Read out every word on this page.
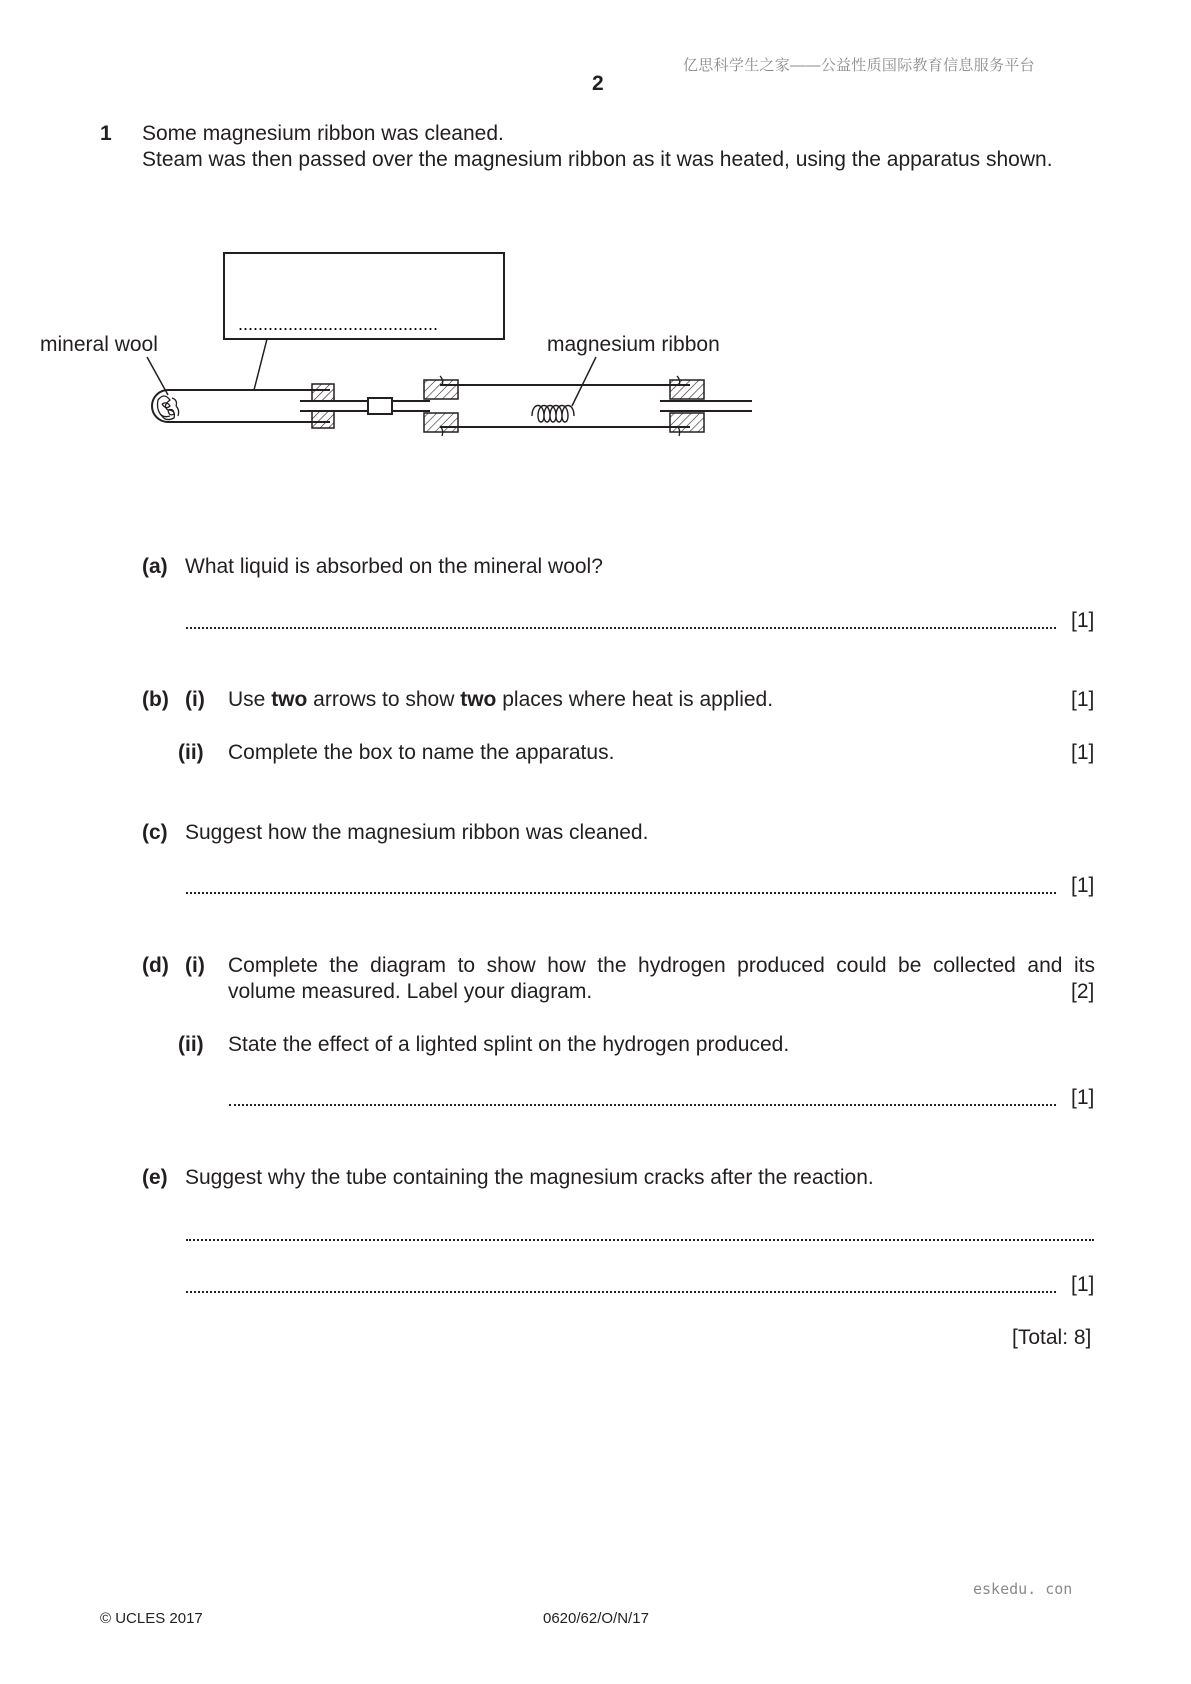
亿思科学生之家——公益性质国际教育信息服务平台
2
1 Some magnesium ribbon was cleaned.
Steam was then passed over the magnesium ribbon as it was heated, using the apparatus shown.
........................................
mineral wool	magnesium ribbon
(a) What liquid is absorbed on the mineral wool?
[1]
(b) (i) Use two arrows to show two places where heat is applied.	[1]
(ii) Complete the box to name the apparatus.	[1]
(c) Suggest how the magnesium ribbon was cleaned.
[1]
(d) (i) Complete the diagram to show how the hydrogen produced could be collected and its
volume measured. Label your diagram.	[2]
(ii) State the effect of a lighted splint on the hydrogen produced.
[1]
(e) Suggest why the tube containing the magnesium cracks after the reaction.
[1]
[Total: 8]
eskedu. con
© UCLES 2017	0620/62/O/N/17
